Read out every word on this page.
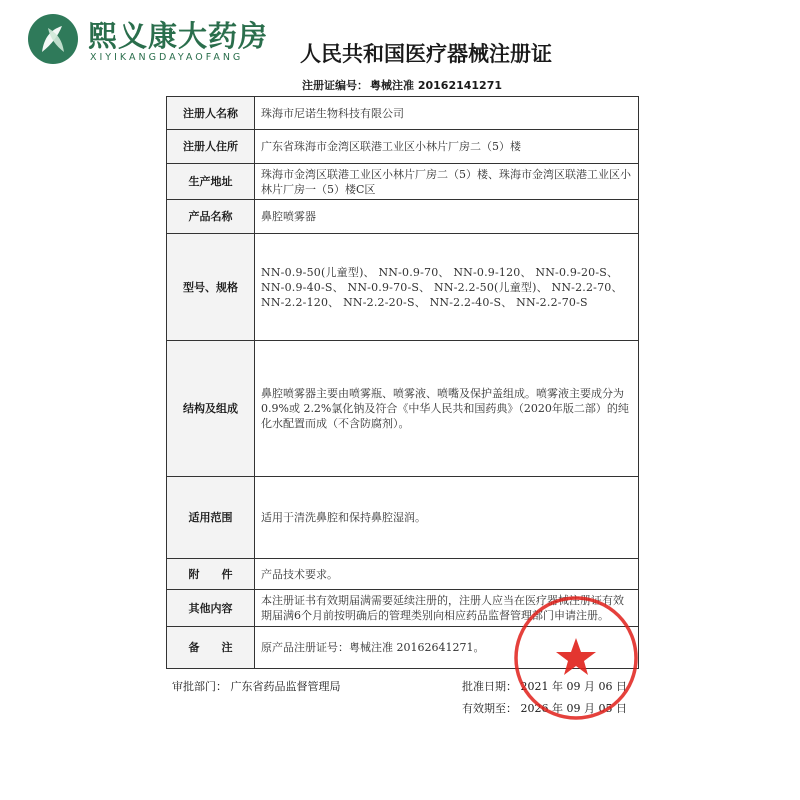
熙义康大药房
XIYIKANGDAYAOFANG	人民共和国医疗器械注册证
注册证编号： 粤械注准 20162141271
注册人名称	珠海市尼诺生物科技有限公司
注册人住所	广东省珠海市金湾区联港工业区小林片厂房二（5）楼
生产地址	珠海市金湾区联港工业区小林片厂房二（5）楼、珠海市金湾区联港工业区小林片厂房一（5）楼C区
产品名称	鼻腔喷雾器
型号、规格	NN-0.9-50(儿童型)、 NN-0.9-70、 NN-0.9-120、 NN-0.9-20-S、 NN-0.9-40-S、 NN-0.9-70-S、 NN-2.2-50(儿童型)、 NN-2.2-70、 NN-2.2-120、 NN-2.2-20-S、 NN-2.2-40-S、 NN-2.2-70-S
结构及组成	鼻腔喷雾器主要由喷雾瓶、喷雾液、喷嘴及保护盖组成。喷雾液主要成分为 0.9%或 2.2%氯化钠及符合《中华人民共和国药典》（2020年版二部）的纯化水配置而成（不含防腐剂）。
适用范围	适用于清洗鼻腔和保持鼻腔湿润。
附　　件	产品技术要求。
其他内容	本注册证书有效期届满需要延续注册的，注册人应当在医疗器械注册证有效期届满6个月前按明确后的管理类别向相应药品监督管理部门申请注册。
备　　注	原产品注册证号：粤械注准 20162641271。
审批部门： 广东省药品监督管理局	批准日期： 2021 年 09 月 06 日
有效期至： 2026 年 09 月 05 日
